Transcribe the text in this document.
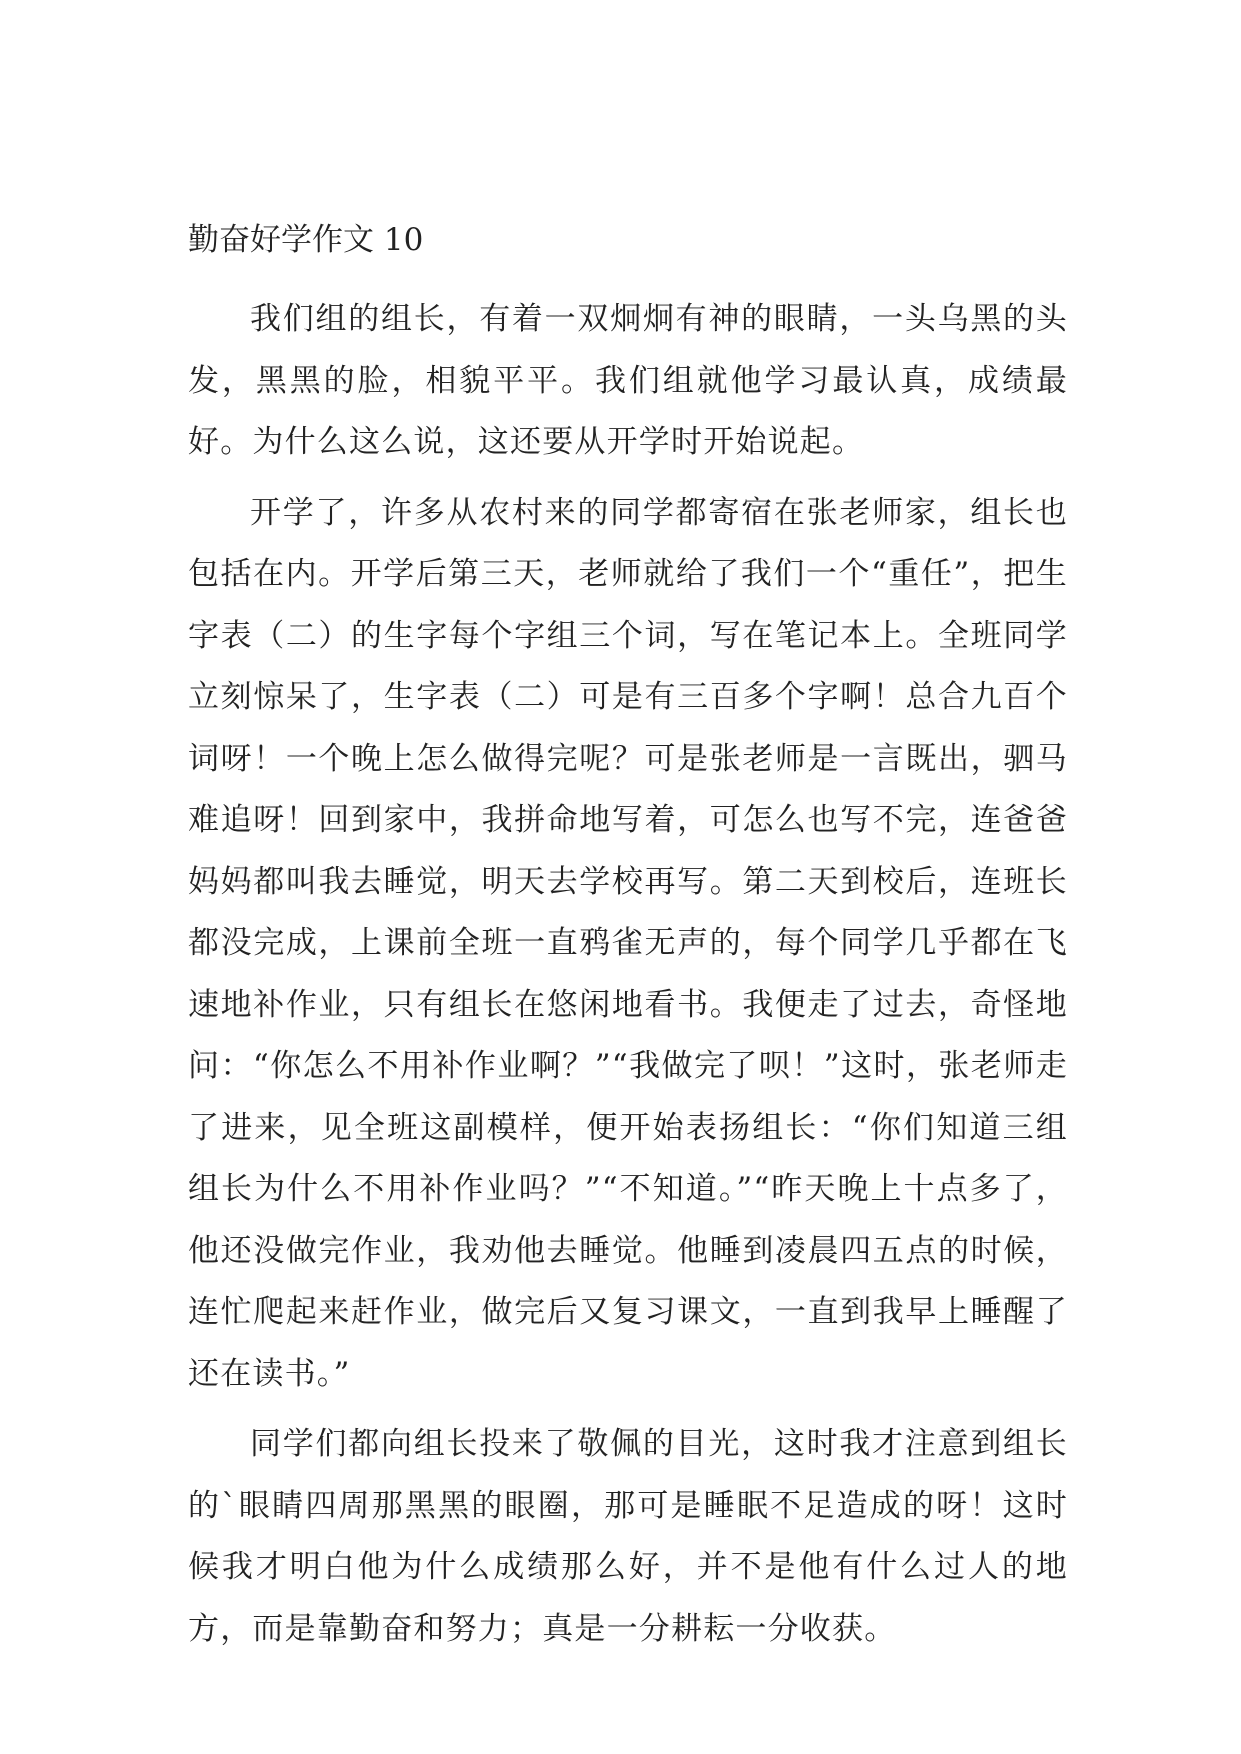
勤奋好学作文 10

我们组的组长，有着一双炯炯有神的眼睛，一头乌黑的头发，黑黑的脸，相貌平平。我们组就他学习最认真，成绩最好。为什么这么说，这还要从开学时开始说起。

开学了，许多从农村来的同学都寄宿在张老师家，组长也包括在内。开学后第三天，老师就给了我们一个“重任”，把生字表（二）的生字每个字组三个词，写在笔记本上。全班同学立刻惊呆了，生字表（二）可是有三百多个字啊！总合九百个词呀！一个晚上怎么做得完呢？可是张老师是一言既出，驷马难追呀！回到家中，我拼命地写着，可怎么也写不完，连爸爸妈妈都叫我去睡觉，明天去学校再写。第二天到校后，连班长都没完成，上课前全班一直鸦雀无声的，每个同学几乎都在飞速地补作业，只有组长在悠闲地看书。我便走了过去，奇怪地问：“你怎么不用补作业啊？”“我做完了呗！”这时，张老师走了进来，见全班这副模样，便开始表扬组长：“你们知道三组组长为什么不用补作业吗？”“不知道。”“昨天晚上十点多了，他还没做完作业，我劝他去睡觉。他睡到凌晨四五点的时候，连忙爬起来赶作业，做完后又复习课文，一直到我早上睡醒了还在读书。”

同学们都向组长投来了敬佩的目光，这时我才注意到组长的`眼睛四周那黑黑的眼圈，那可是睡眠不足造成的呀！这时候我才明白他为什么成绩那么好，并不是他有什么过人的地方，而是靠勤奋和努力；真是一分耕耘一分收获。
